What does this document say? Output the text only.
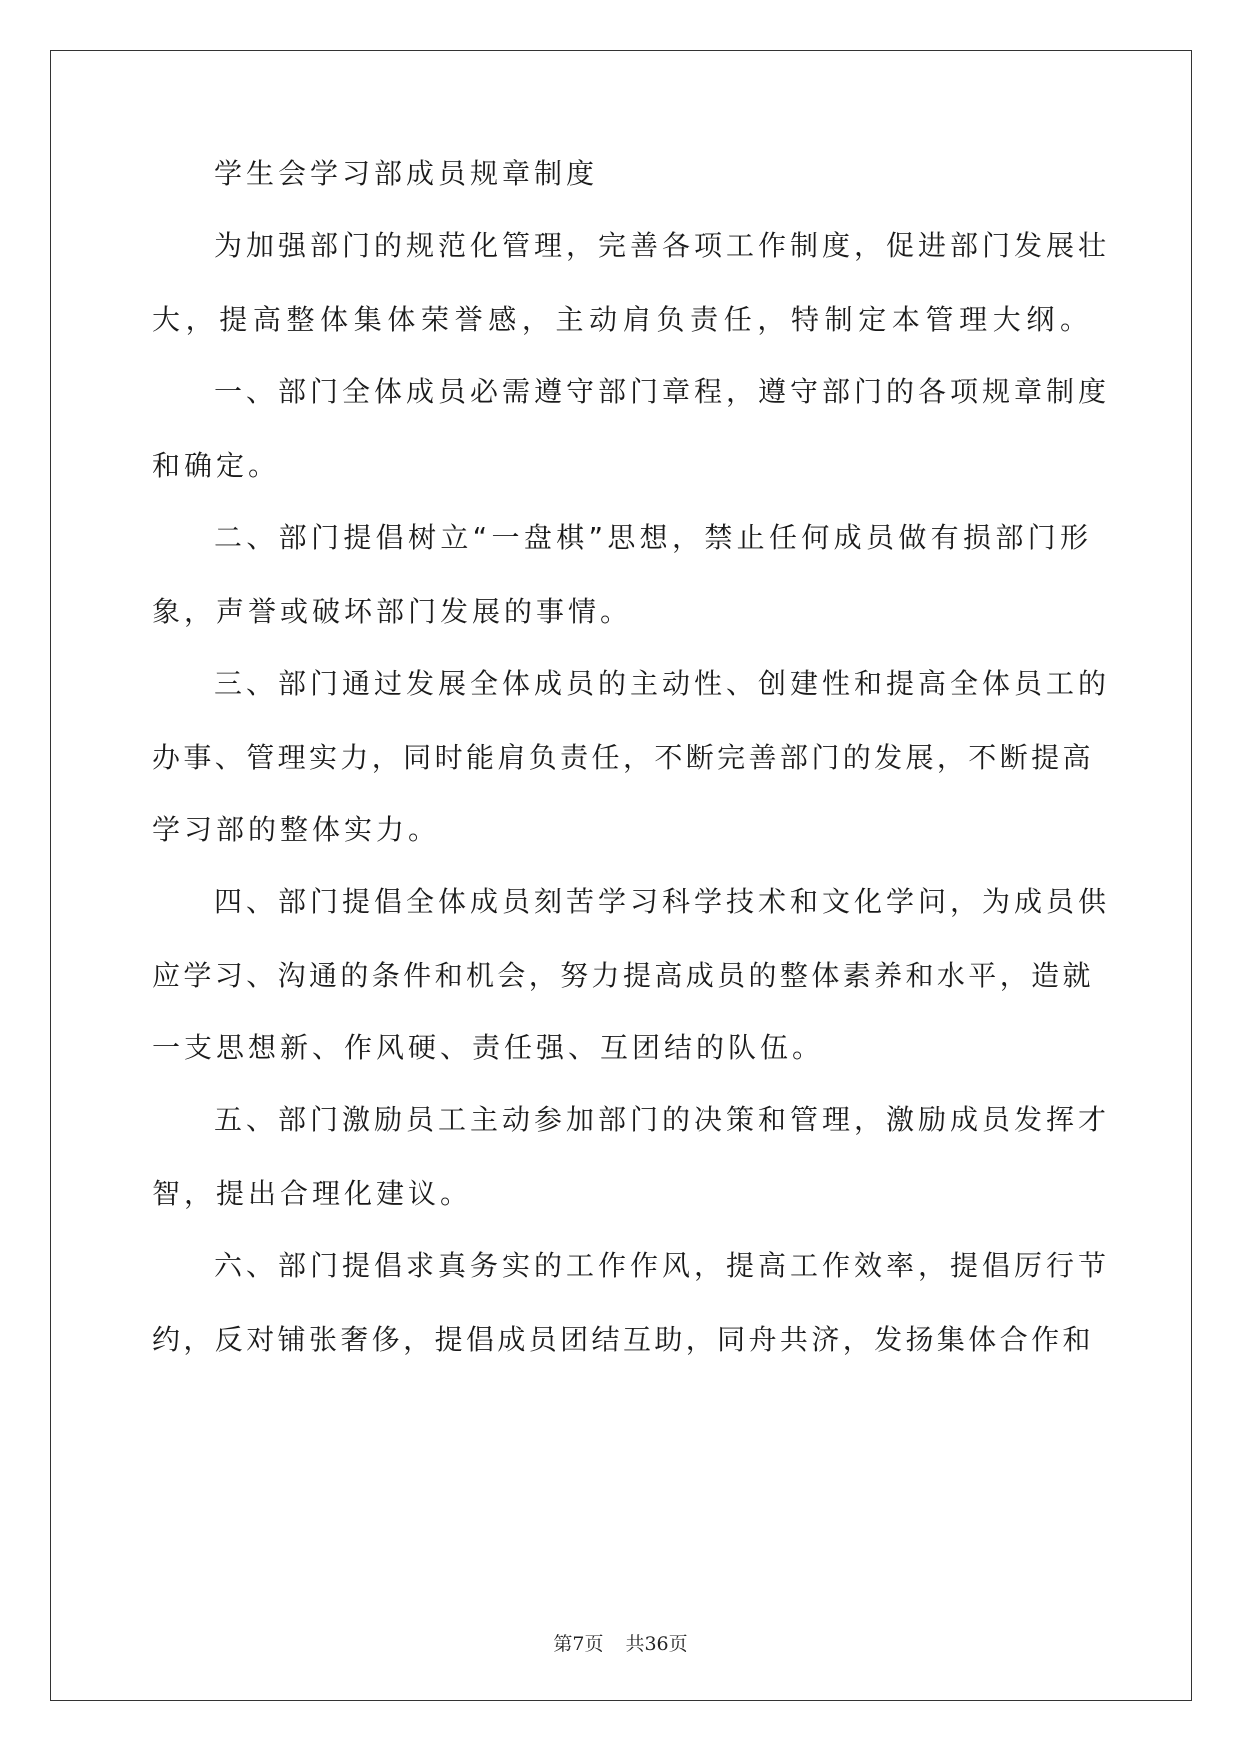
学生会学习部成员规章制度
为加强部门的规范化管理，完善各项工作制度，促进部门发展壮
大，提高整体集体荣誉感，主动肩负责任，特制定本管理大纲。
一、部门全体成员必需遵守部门章程，遵守部门的各项规章制度
和确定。
二、部门提倡树立“一盘棋”思想，禁止任何成员做有损部门形
象，声誉或破坏部门发展的事情。
三、部门通过发展全体成员的主动性、创建性和提高全体员工的
办事、管理实力，同时能肩负责任，不断完善部门的发展，不断提高
学习部的整体实力。
四、部门提倡全体成员刻苦学习科学技术和文化学问，为成员供
应学习、沟通的条件和机会，努力提高成员的整体素养和水平，造就
一支思想新、作风硬、责任强、互团结的队伍。
五、部门激励员工主动参加部门的决策和管理，激励成员发挥才
智，提出合理化建议。
六、部门提倡求真务实的工作作风，提高工作效率，提倡厉行节
约，反对铺张奢侈，提倡成员团结互助，同舟共济，发扬集体合作和
第7页 共36页
